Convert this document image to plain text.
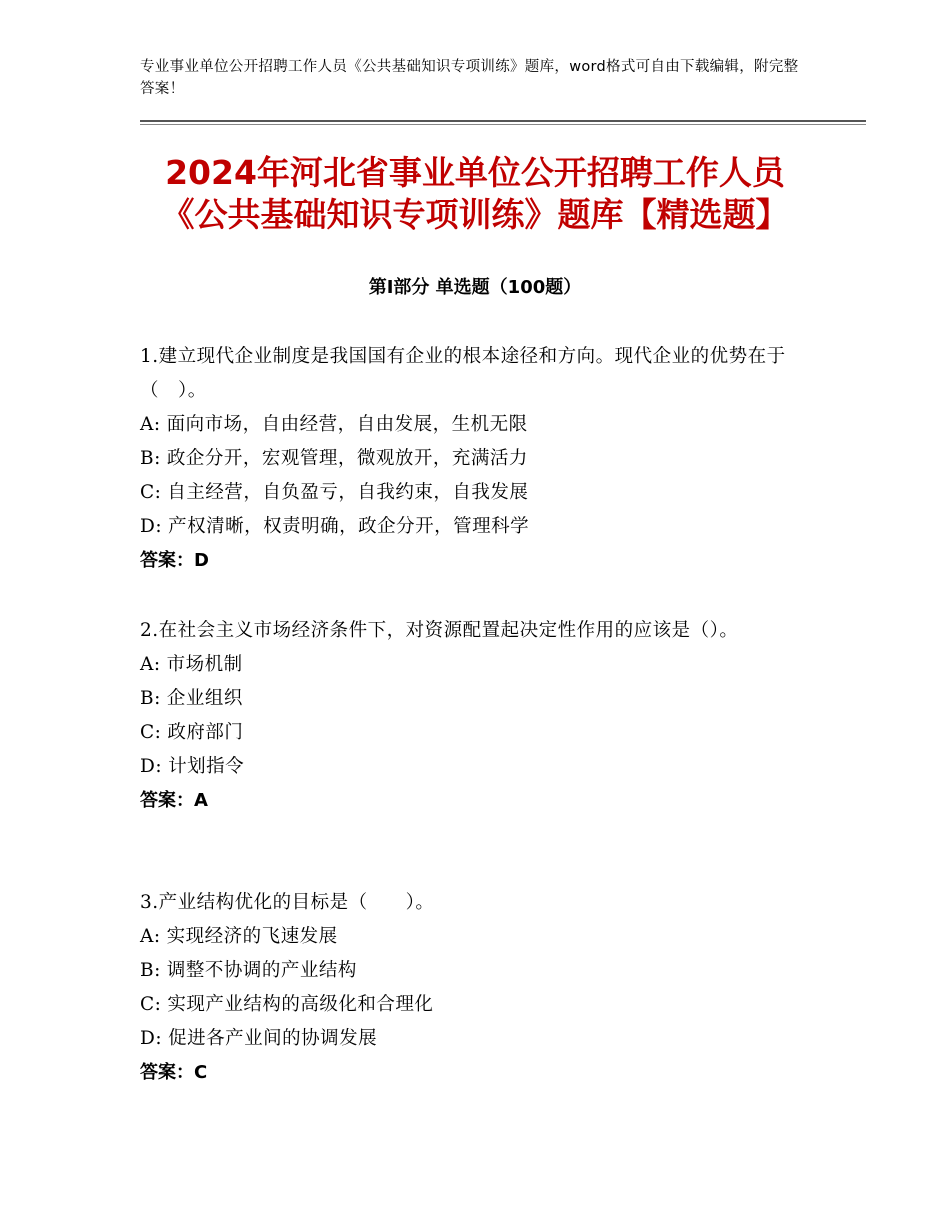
专业事业单位公开招聘工作人员《公共基础知识专项训练》题库，word格式可自由下载编辑，附完整答案！
2024年河北省事业单位公开招聘工作人员
《公共基础知识专项训练》题库【精选题】
第Ⅰ部分 单选题（100题）
1.建立现代企业制度是我国国有企业的根本途径和方向。现代企业的优势在于（　）。
A: 面向市场，自由经营，自由发展，生机无限
B: 政企分开，宏观管理，微观放开，充满活力
C: 自主经营，自负盈亏，自我约束，自我发展
D: 产权清晰，权责明确，政企分开，管理科学
答案：D
2.在社会主义市场经济条件下，对资源配置起决定性作用的应该是（）。
A: 市场机制
B: 企业组织
C: 政府部门
D: 计划指令
答案：A
3.产业结构优化的目标是（　　）。
A: 实现经济的飞速发展
B: 调整不协调的产业结构
C: 实现产业结构的高级化和合理化
D: 促进各产业间的协调发展
答案：C
